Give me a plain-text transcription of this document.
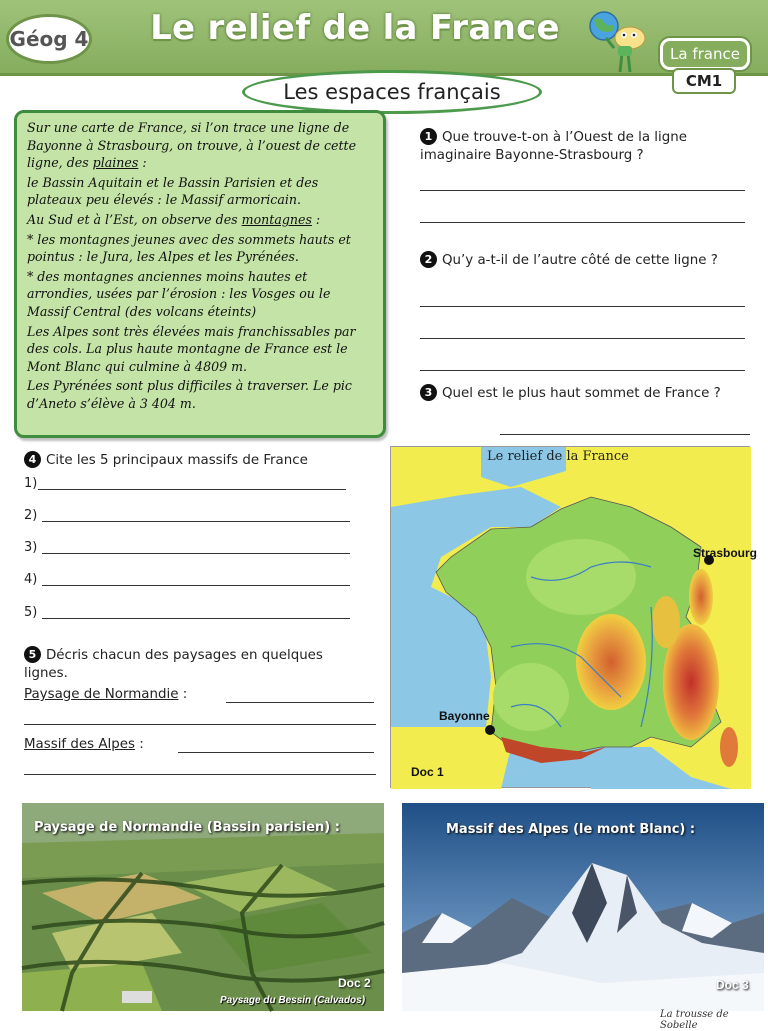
Géog 4 Le relief de la France
La france
CM1
Les espaces français

Sur une carte de France, si l’on trace une ligne de Bayonne à Strasbourg, on trouve, à l’ouest de cette ligne, des plaines :

le Bassin Aquitain et le Bassin Parisien et des plateaux peu élevés : le Massif armoricain.

Au Sud et à l’Est, on observe des montagnes :

* les montagnes jeunes avec des sommets hauts et pointus : le Jura, les Alpes et les Pyrénées.

* des montagnes anciennes moins hautes et arrondies, usées par l’érosion : les Vosges ou le Massif Central (des volcans éteints)

Les Alpes sont très élevées mais franchissables par des cols. La plus haute montagne de France est le Mont Blanc qui culmine à 4809 m.

Les Pyrénées sont plus difficiles à traverser. Le pic d’Aneto s’élève à 3 404 m.

1 Que trouve-t-on à l’Ouest de la ligne imaginaire Bayonne-Strasbourg ?
2 Qu’y a-t-il de l’autre côté de cette ligne ?
3 Quel est le plus haut sommet de France ?
4 Cite les 5 principaux massifs de France
1)
2)
3)
4)
5)
5 Décris chacun des paysages en quelques lignes.
Paysage de Normandie :
Massif des Alpes :
Le relief de la France
Strasbourg
Bayonne
Doc 1
Paysage de Normandie (Bassin parisien) :
Doc 2
Paysage du Bessin (Calvados)
Massif des Alpes (le mont Blanc) :
Doc 3
La trousse de Sobelle
